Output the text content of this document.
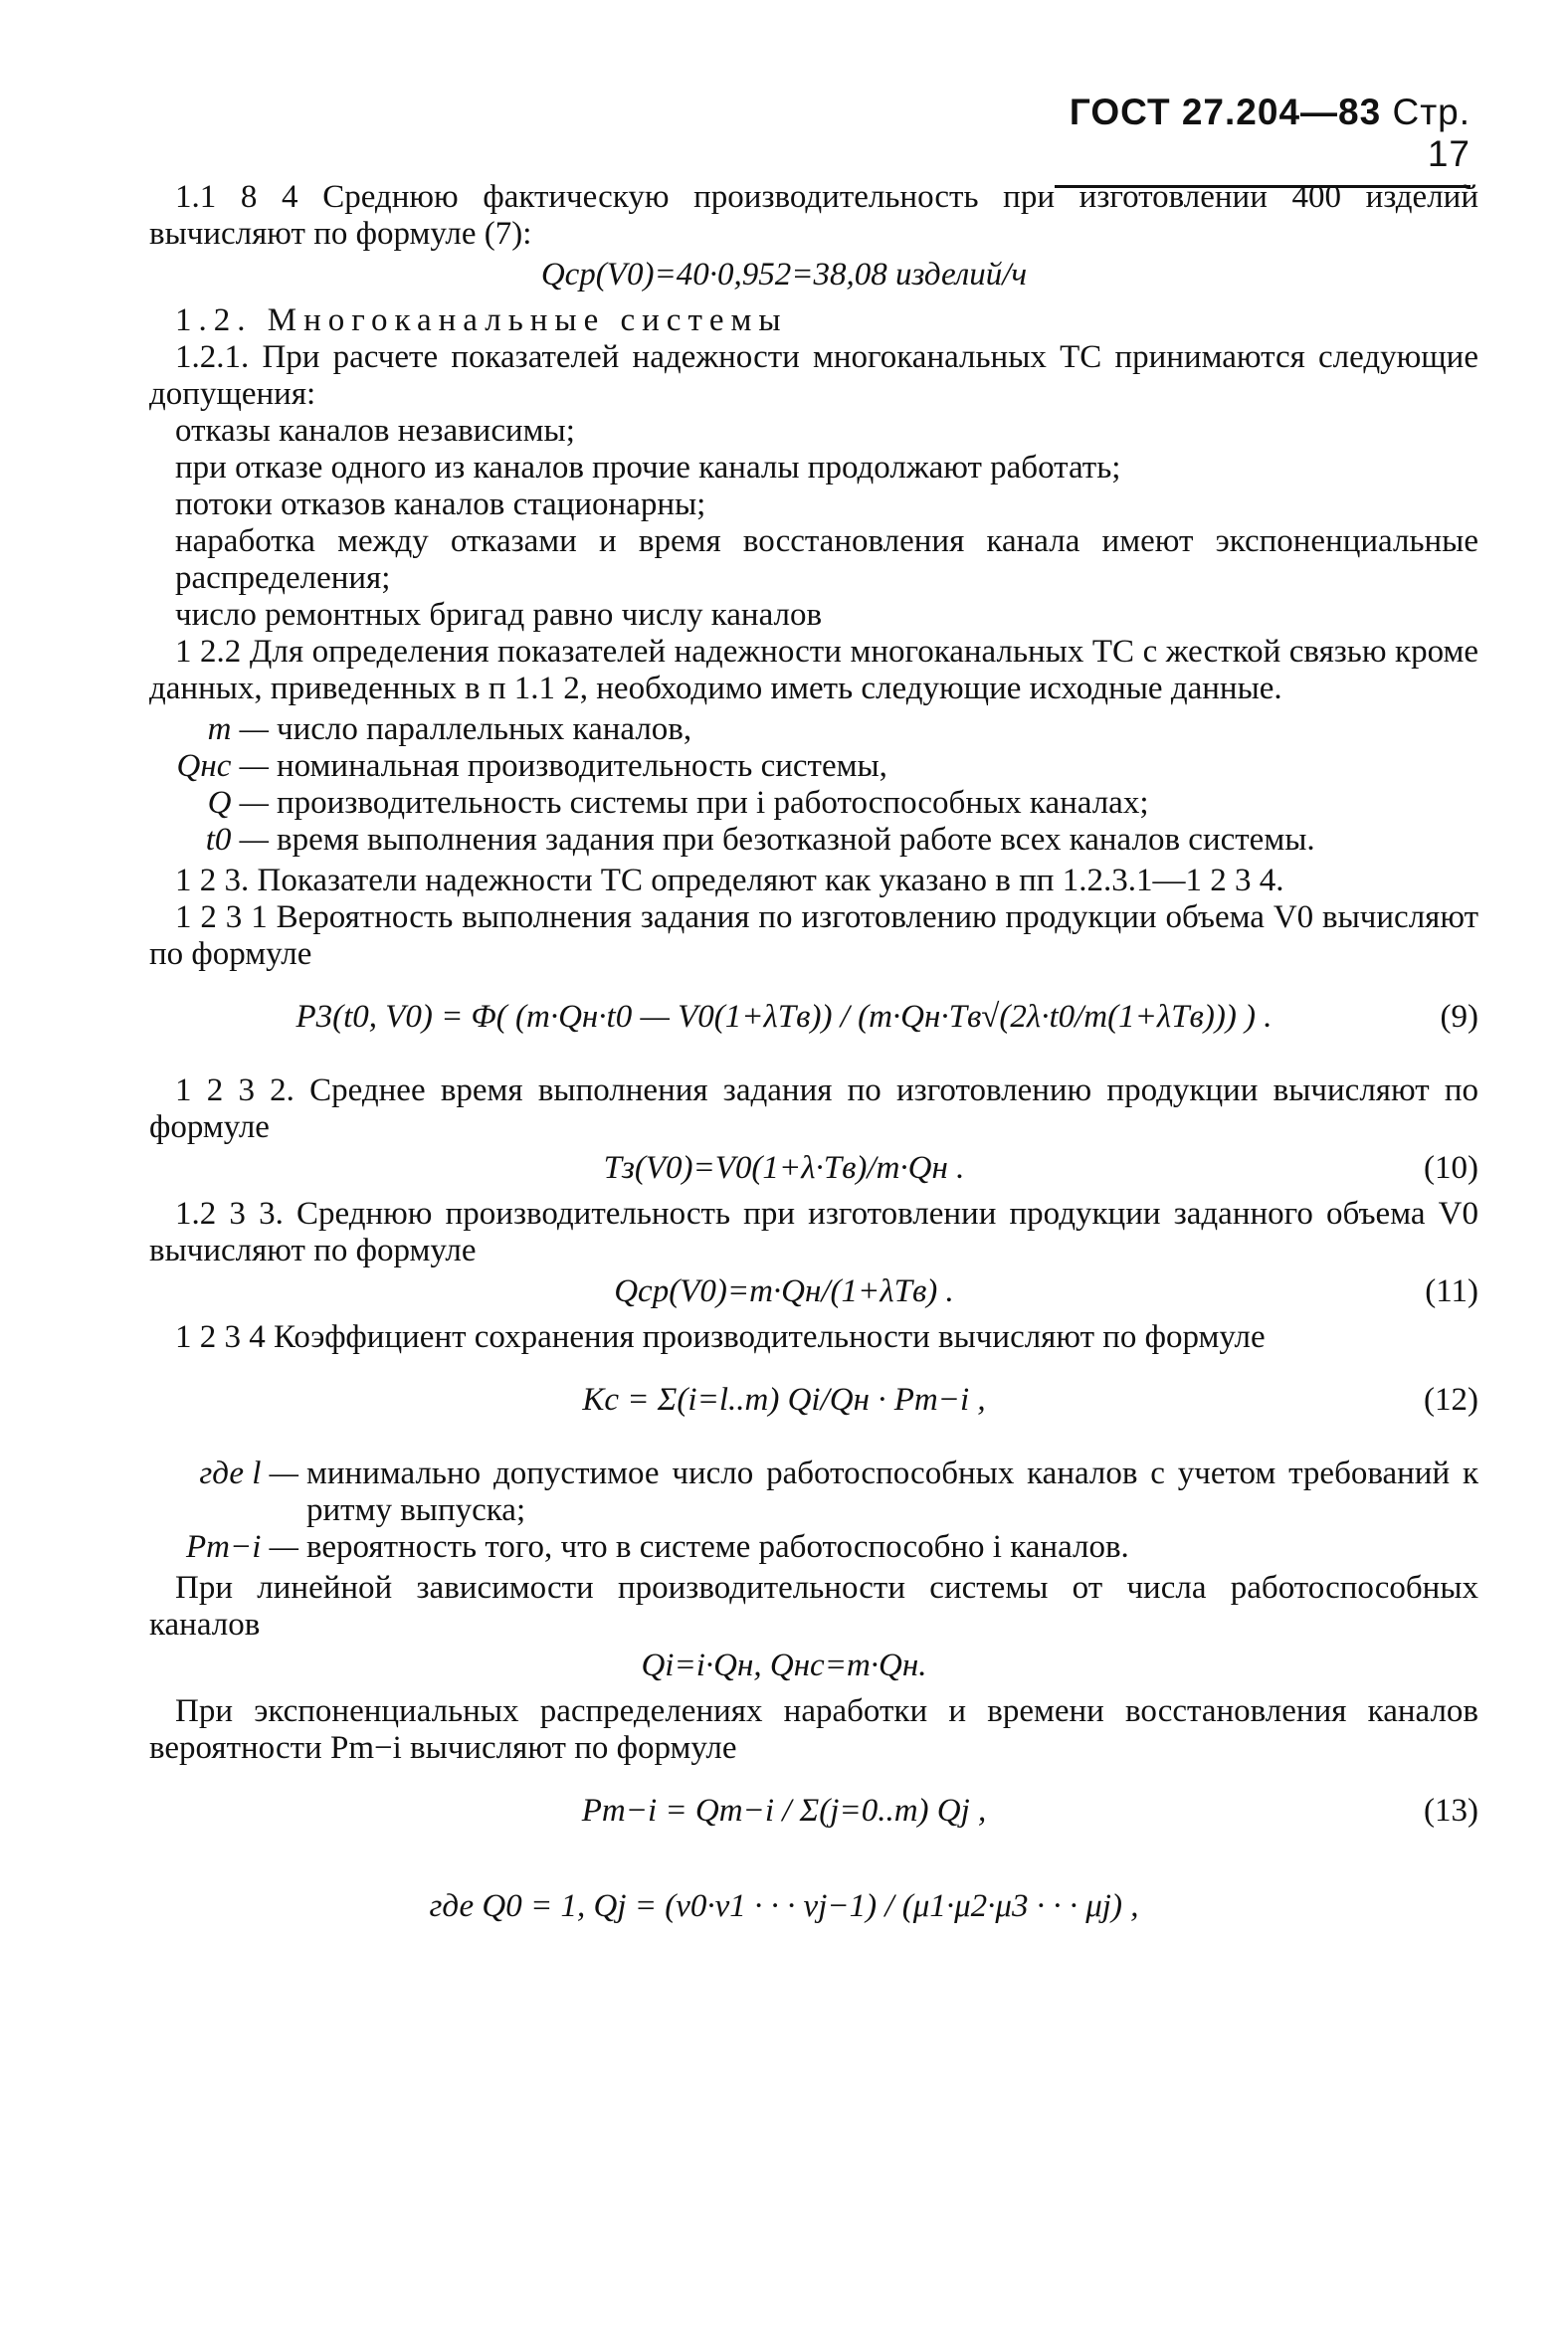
ГОСТ 27.204—83 Стр. 17

1.1 8 4 Среднюю фактическую производительность при изготовлении 400 изделий вычисляют по формуле (7):

Qср(V0)=40·0,952=38,08 изделий/ч

1.2. Многоканальные системы

1.2.1. При расчете показателей надежности многоканальных ТС принимаются следующие допущения:

отказы каналов независимы;

при отказе одного из каналов прочие каналы продолжают работать;

потоки отказов каналов стационарны;

наработка между отказами и время восстановления канала имеют экспоненциальные распределения;

число ремонтных бригад равно числу каналов

1 2.2 Для определения показателей надежности многоканальных ТС с жесткой связью кроме данных, приведенных в п 1.1 2, необходимо иметь следующие исходные данные.

m — число параллельных каналов,
Qнс — номинальная производительность системы,
Q — производительность системы при i работоспособных каналах;
t0 — время выполнения задания при безотказной работе всех каналов системы.

1 2 3. Показатели надежности ТС определяют как указано в пп 1.2.3.1—1 2 3 4.

1 2 3 1 Вероятность выполнения задания по изготовлению продукции объема V0 вычисляют по формуле

P3(t0, V0) = Φ( (m·Qн·t0 — V0(1+λTв)) / (m·Qн·Tв√(2λ·t0/m(1+λTв))) ) .	(9)

1 2 3 2. Среднее время выполнения задания по изготовлению продукции вычисляют по формуле

Tз(V0)=V0(1+λ·Tв)/m·Qн .	(10)

1.2 3 3. Среднюю производительность при изготовлении продукции заданного объема V0 вычисляют по формуле

Qср(V0)=m·Qн/(1+λTв) .	(11)

1 2 3 4 Коэффициент сохранения производительности вычисляют по формуле

Kс = Σ(i=l..m) Qi/Qн · Pm−i ,	(12)
где l — минимально допустимое число работоспособных каналов с учетом требований к ритму выпуска;
Pm−i — вероятность того, что в системе работоспособно i каналов.

При линейной зависимости производительности системы от числа работоспособных каналов

Qi=i·Qн, Qнс=m·Qн.

При экспоненциальных распределениях наработки и времени восстановления каналов вероятности Pm−i вычисляют по формуле

Pm−i = Qm−i / Σ(j=0..m) Qj ,	(13)
где Q0 = 1, Qj = (ν0·ν1 · · · νj−1) / (μ1·μ2·μ3 · · · μj) ,
